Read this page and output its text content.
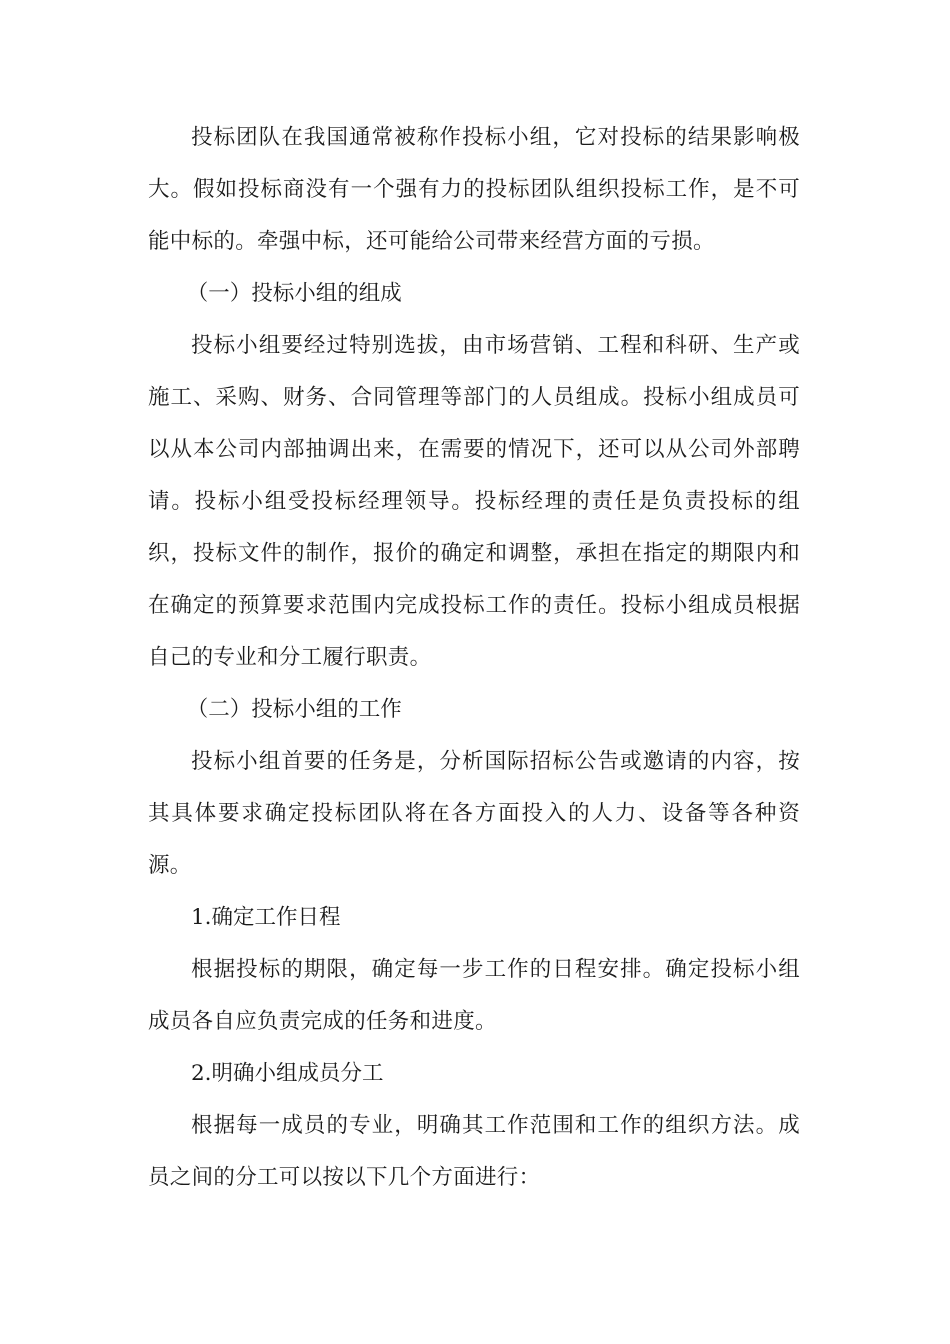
投标团队在我国通常被称作投标小组，它对投标的结果影响极大。假如投标商没有一个强有力的投标团队组织投标工作，是不可能中标的。牵强中标，还可能给公司带来经营方面的亏损。

（一）投标小组的组成

投标小组要经过特别选拔，由市场营销、工程和科研、生产或施工、采购、财务、合同管理等部门的人员组成。投标小组成员可以从本公司内部抽调出来，在需要的情况下，还可以从公司外部聘请。投标小组受投标经理领导。投标经理的责任是负责投标的组织，投标文件的制作，报价的确定和调整，承担在指定的期限内和在确定的预算要求范围内完成投标工作的责任。投标小组成员根据自己的专业和分工履行职责。

（二）投标小组的工作

投标小组首要的任务是，分析国际招标公告或邀请的内容，按其具体要求确定投标团队将在各方面投入的人力、设备等各种资源。

1.确定工作日程

根据投标的期限，确定每一步工作的日程安排。确定投标小组成员各自应负责完成的任务和进度。

2.明确小组成员分工

根据每一成员的专业，明确其工作范围和工作的组织方法。成员之间的分工可以按以下几个方面进行：
